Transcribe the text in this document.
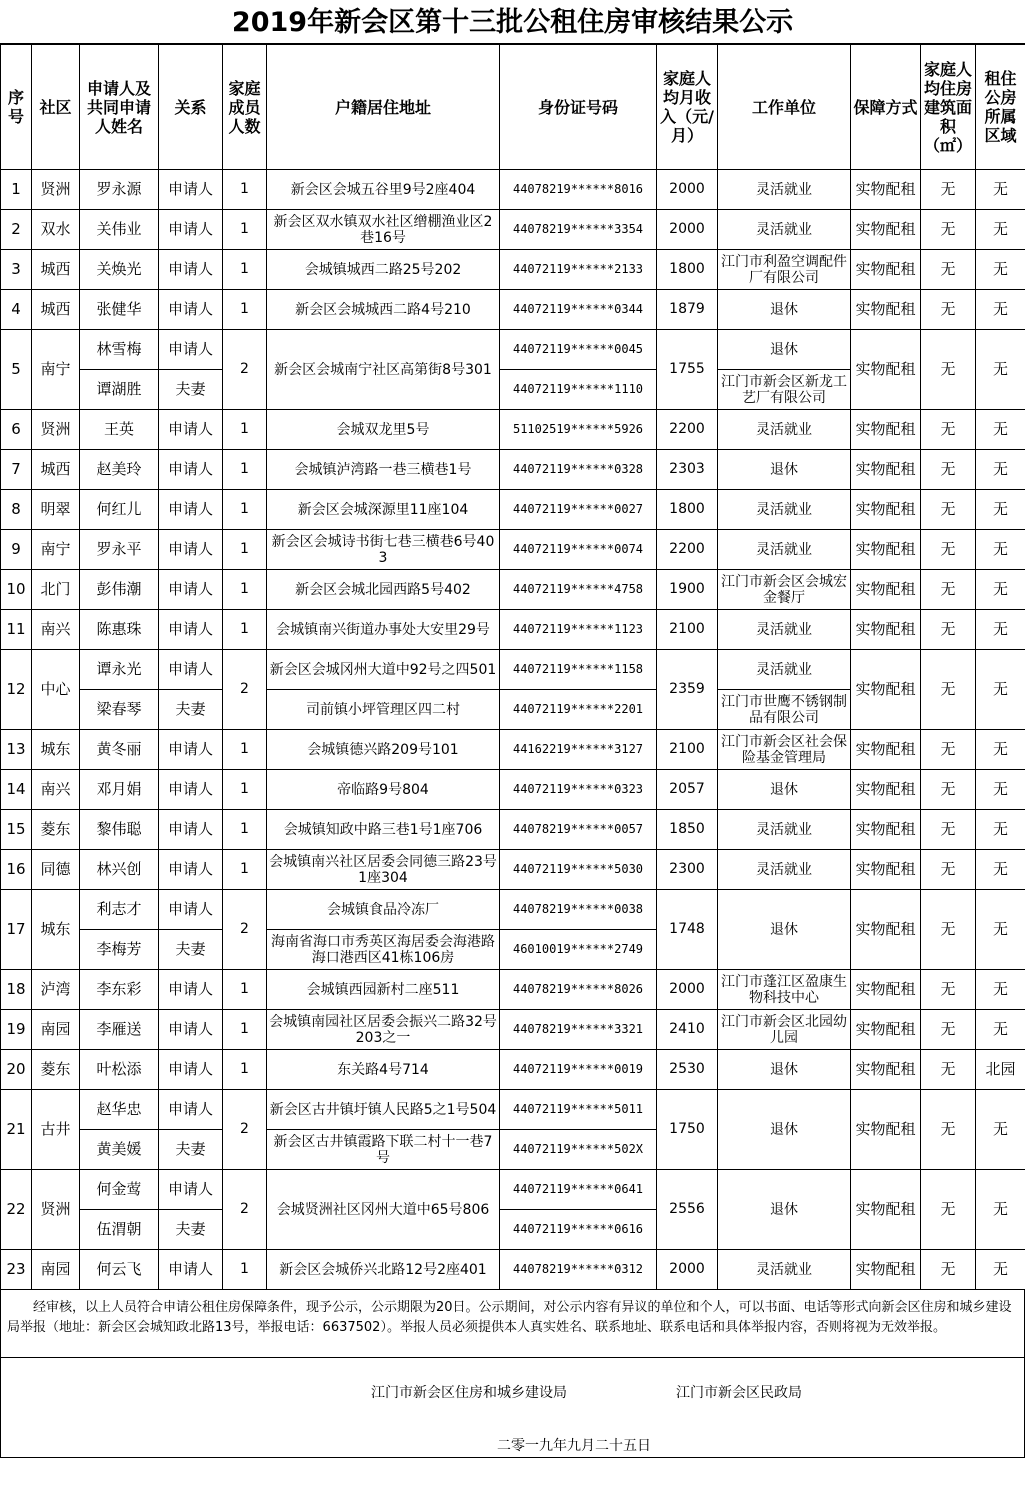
2019年新会区第十三批公租住房审核结果公示
序号	社区	申请人及共同申请人姓名	关系	家庭成员人数	户籍居住地址	身份证号码	家庭人均月收入（元/月）	工作单位	保障方式	家庭人均住房建筑面积（㎡）	租住公房所属区域
1	贤洲	罗永源	申请人	1	新会区会城五谷里9号2座404	44078219******8016	2000	灵活就业	实物配租	无	无
2	双水	关伟业	申请人	1	新会区双水镇双水社区缯棚渔业区2巷16号	44078219******3354	2000	灵活就业	实物配租	无	无
3	城西	关焕光	申请人	1	会城镇城西二路25号202	44072119******2133	1800	江门市利盈空调配件厂有限公司	实物配租	无	无
4	城西	张健华	申请人	1	新会区会城城西二路4号210	44072119******0344	1879	退休	实物配租	无	无
5	南宁	林雪梅	申请人	2	新会区会城南宁社区高第街8号301	44072119******0045	1755	退休	实物配租	无	无
		谭湖胜	夫妻			44072119******1110		江门市新会区新龙工艺厂有限公司			
6	贤洲	王英	申请人	1	会城双龙里5号	51102519******5926	2200	灵活就业	实物配租	无	无
7	城西	赵美玲	申请人	1	会城镇泸湾路一巷三横巷1号	44072119******0328	2303	退休	实物配租	无	无
8	明翠	何红儿	申请人	1	新会区会城深源里11座104	44072119******0027	1800	灵活就业	实物配租	无	无
9	南宁	罗永平	申请人	1	新会区会城诗书街七巷三横巷6号403	44072119******0074	2200	灵活就业	实物配租	无	无
10	北门	彭伟潮	申请人	1	新会区会城北园西路5号402	44072119******4758	1900	江门市新会区会城宏金餐厅	实物配租	无	无
11	南兴	陈惠珠	申请人	1	会城镇南兴街道办事处大安里29号	44072119******1123	2100	灵活就业	实物配租	无	无
12	中心	谭永光	申请人	2	新会区会城冈州大道中92号之四501	44072119******1158	2359	灵活就业	实物配租	无	无
		梁春琴	夫妻		司前镇小坪管理区四二村	44072119******2201		江门市世鹰不锈钢制品有限公司			
13	城东	黄冬丽	申请人	1	会城镇德兴路209号101	44162219******3127	2100	江门市新会区社会保险基金管理局	实物配租	无	无
14	南兴	邓月娟	申请人	1	帝临路9号804	44072119******0323	2057	退休	实物配租	无	无
15	菱东	黎伟聪	申请人	1	会城镇知政中路三巷1号1座706	44078219******0057	1850	灵活就业	实物配租	无	无
16	同德	林兴创	申请人	1	会城镇南兴社区居委会同德三路23号1座304	44072119******5030	2300	灵活就业	实物配租	无	无
17	城东	利志才	申请人	2	会城镇食品冷冻厂	44078219******0038	1748	退休	实物配租	无	无
		李梅芳	夫妻		海南省海口市秀英区海居委会海港路海口港西区41栋106房	46010019******2749					
18	泸湾	李东彩	申请人	1	会城镇西园新村二座511	44078219******8026	2000	江门市蓬江区盈康生物科技中心	实物配租	无	无
19	南园	李雁送	申请人	1	会城镇南园社区居委会振兴二路32号203之一	44078219******3321	2410	江门市新会区北园幼儿园	实物配租	无	无
20	菱东	叶松添	申请人	1	东关路4号714	44072119******0019	2530	退休	实物配租	无	北园
21	古井	赵华忠	申请人	2	新会区古井镇圩镇人民路5之1号504	44072119******5011	1750	退休	实物配租	无	无
		黄美媛	夫妻		新会区古井镇霞路下联二村十一巷7号	44072119******502X					
22	贤洲	何金莺	申请人	2	会城贤洲社区冈州大道中65号806	44072119******0641	2556	退休	实物配租	无	无
		伍渭朝	夫妻			44072119******0616					
23	南园	何云飞	申请人	1	新会区会城侨兴北路12号2座401	44078219******0312	2000	灵活就业	实物配租	无	无
经审核，以上人员符合申请公租住房保障条件，现予公示，公示期限为20日。公示期间，对公示内容有异议的单位和个人，可以书面、电话等形式向新会区住房和城乡建设局举报（地址：新会区会城知政北路13号，举报电话：6637502）。举报人员必须提供本人真实姓名、联系地址、联系电话和具体举报内容，否则将视为无效举报。
江门市新会区住房和城乡建设局	江门市新会区民政局
二零一九年九月二十五日
